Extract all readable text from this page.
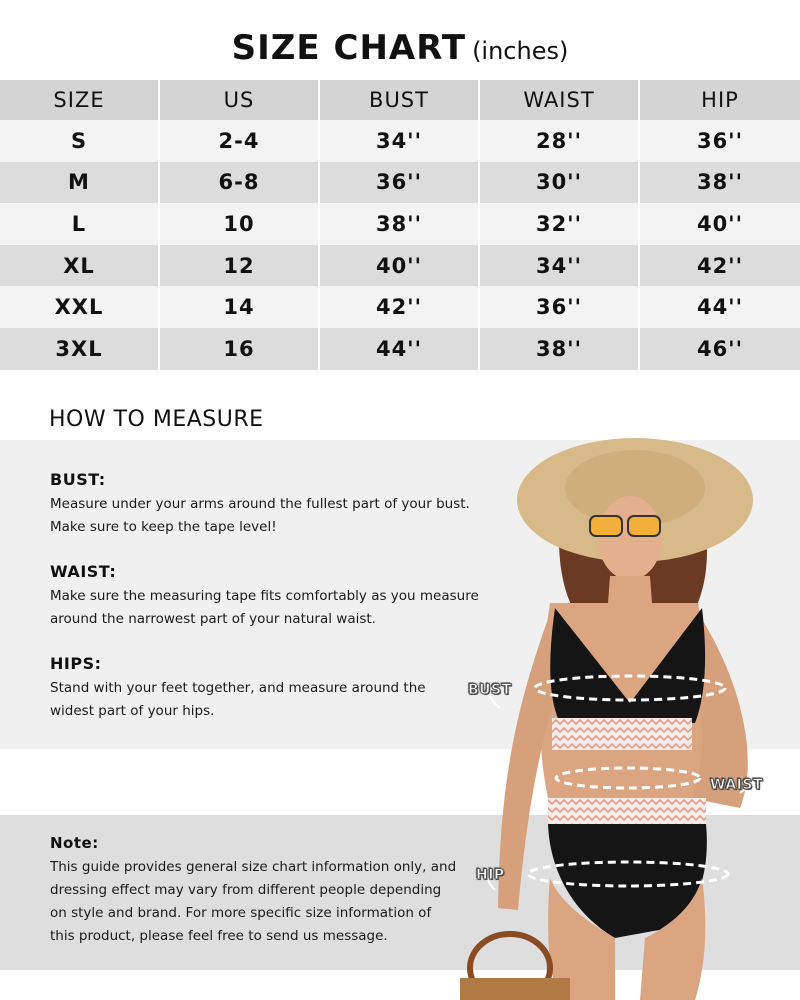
SIZE CHART (inches)
SIZE	US	BUST	WAIST	HIP
S	2-4	34''	28''	36''
M	6-8	36''	30''	38''
L	10	38''	32''	40''
XL	12	40''	34''	42''
XXL	14	42''	36''	44''
3XL	16	44''	38''	46''
HOW TO MEASURE
BUST:
Measure under your arms around the fullest part of your bust.
Make sure to keep the tape level!
WAIST:
Make sure the measuring tape fits comfortably as you measure
around the narrowest part of your natural waist.
HIPS:
Stand with your feet together, and measure around the
widest part of your hips.
Note:
This guide provides general size chart information only, and
dressing effect may vary from different people depending
on style and brand. For more specific size information of
this product, please feel free to send us message.
BUST
WAIST
HIP
